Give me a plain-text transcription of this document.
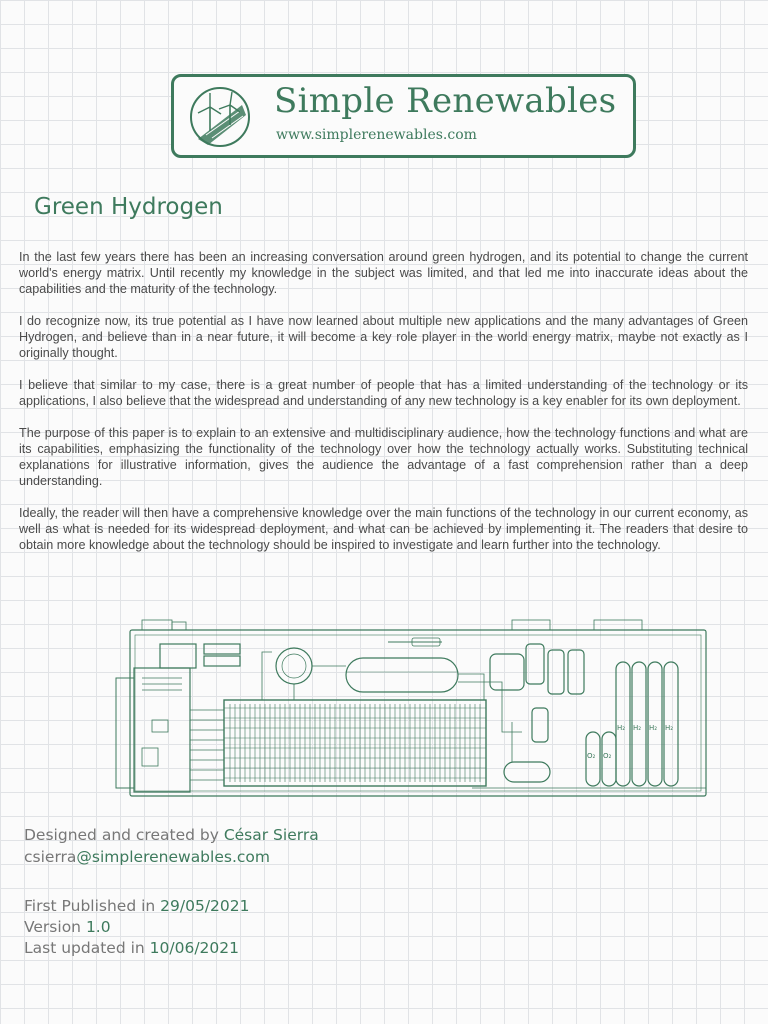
Simple Renewables
www.simplerenewables.com
Green Hydrogen

In the last few years there has been an increasing conversation around green hydrogen, and its potential to change the current world's energy matrix. Until recently my knowledge in the subject was limited, and that led me into inaccurate ideas about the capabilities and the maturity of the technology.

I do recognize now, its true potential as I have now learned about multiple new applications and the many advantages of Green Hydrogen, and believe than in a near future, it will become a key role player in the world energy matrix, maybe not exactly as I originally thought.

I believe that similar to my case, there is a great number of people that has a limited understanding of the technology or its applications, I also believe that the widespread and understanding of any new technology is a key enabler for its own deployment.

The purpose of this paper is to explain to an extensive and multidisciplinary audience, how the technology functions and what are its capabilities, emphasizing the functionality of the technology over how the technology actually works. Substituting technical explanations for illustrative information, gives the audience the advantage of a fast comprehension rather than a deep understanding.

Ideally, the reader will then have a comprehensive knowledge over the main functions of the technology in our current economy, as well as what is needed for its widespread deployment, and what can be achieved by implementing it. The readers that desire to obtain more knowledge about the technology should be inspired to investigate and learn further into the technology.

O₂ O₂
H₂ H₂ H₂ H₂
Designed and created by César Sierra
csierra@simplerenewables.com
First Published in 29/05/2021
Version 1.0
Last updated in 10/06/2021
